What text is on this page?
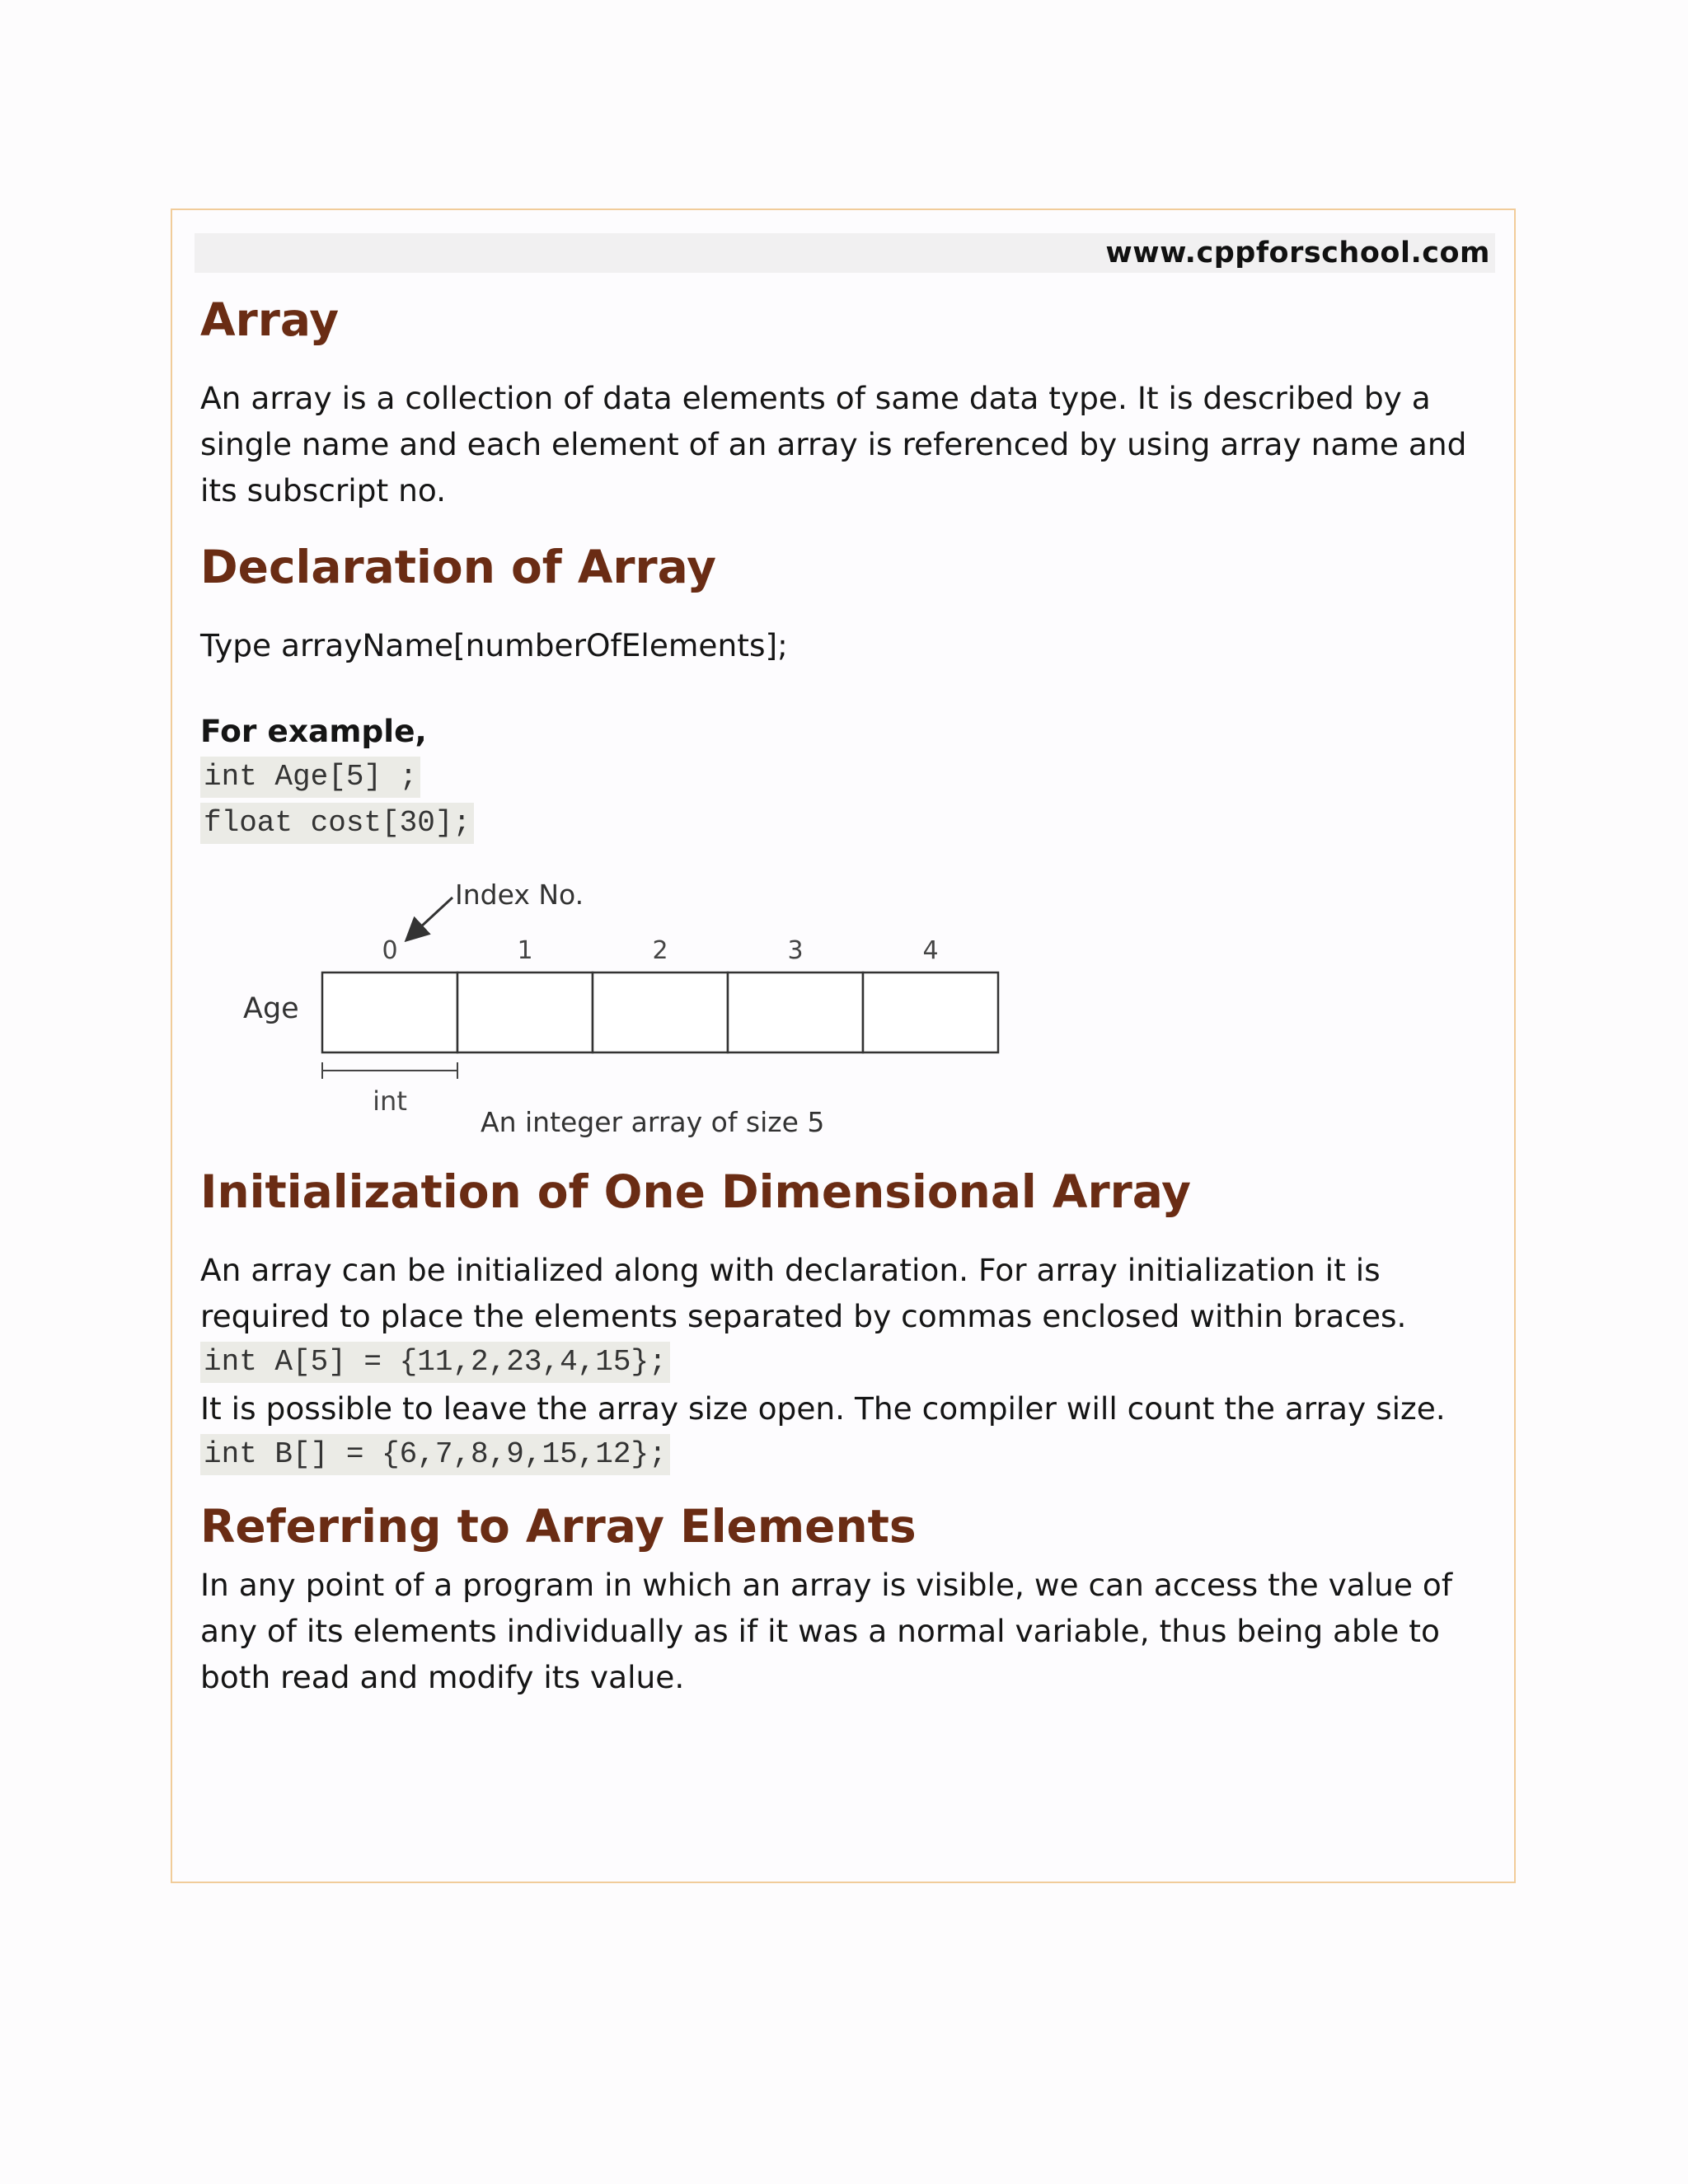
www.cppforschool.com
Array

An array is a collection of data elements of same data type. It is described by a single name and each element of an array is referenced by using array name and its subscript no.

Declaration of Array

Type arrayName[numberOfElements];

For example,

int Age[5] ;
float cost[30];
Index No.
0	1	2	3	4
Age
int
An integer array of size 5
Initialization of One Dimensional Array

An array can be initialized along with declaration. For array initialization it is required to place the elements separated by commas enclosed within braces.

int A[5] = {11,2,23,4,15};

It is possible to leave the array size open. The compiler will count the array size.

int B[] = {6,7,8,9,15,12};
Referring to Array Elements

In any point of a program in which an array is visible, we can access the value of any of its elements individually as if it was a normal variable, thus being able to both read and modify its value.
